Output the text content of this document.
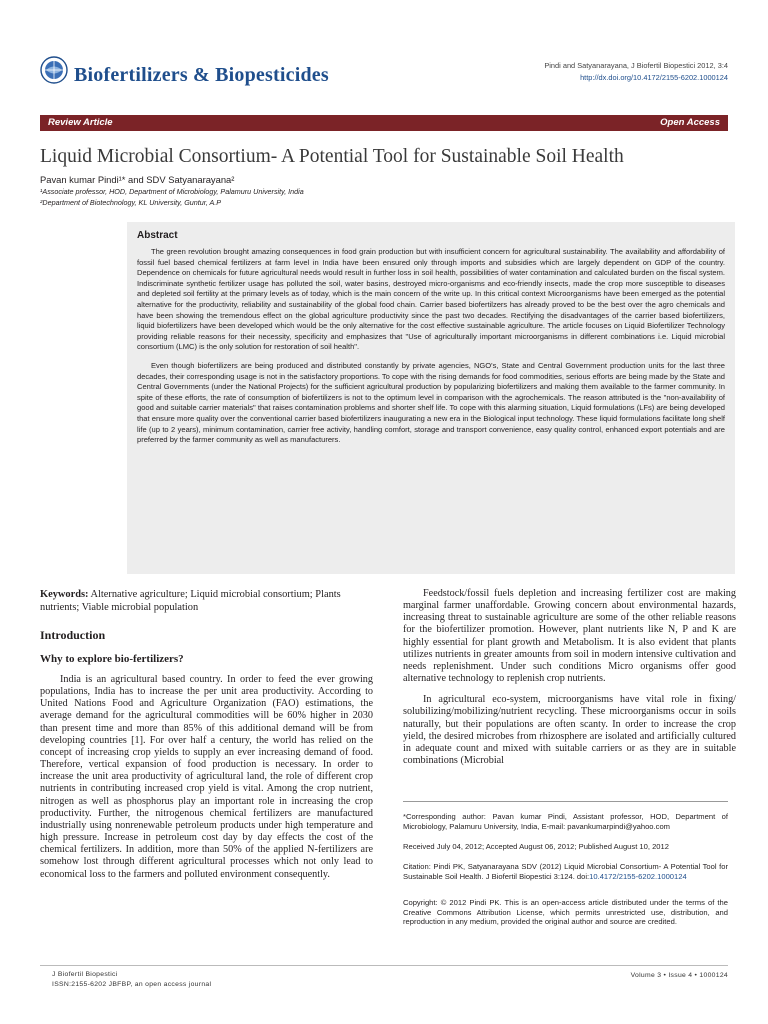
Biofertilizers & Biopesticides	Pindi and Satyanarayana, J Biofertil Biopestici 2012, 3:4
http://dx.doi.org/10.4172/2155-6202.1000124
Review Article	Open Access
Liquid Microbial Consortium- A Potential Tool for Sustainable Soil Health
Pavan kumar Pindi¹* and SDV Satyanarayana²
¹Associate professor, HOD, Department of Microbiology, Palamuru University, India
²Department of Biotechnology, KL University, Guntur, A.P
Abstract

The green revolution brought amazing consequences in food grain production but with insufficient concern for agricultural sustainability. The availability and affordability of fossil fuel based chemical fertilizers at farm level in India have been ensured only through imports and subsidies which are largely dependent on GDP of the country. Dependence on chemicals for future agricultural needs would result in further loss in soil health, possibilities of water contamination and calculated burden on the fiscal system. Indiscriminate synthetic fertilizer usage has polluted the soil, water basins, destroyed micro-organisms and eco-friendly insects, made the crop more susceptible to diseases and depleted soil fertility at the primary levels as of today, which is the main concern of the write up. In this critical context Microorganisms have been emerged as the potential alternative for the productivity, reliability and sustainability of the global food chain. Carrier based biofertilzers has already proved to be the best over the agro chemicals and have been showing the tremendous effect on the global agriculture productivity since the past two decades. Rectifying the disadvantages of the carrier based biofertilizers, liquid biofertilizers have been developed which would be the only alternative for the cost effective sustainable agriculture. The article focuses on Liquid Biofertilizer Technology providing reliable reasons for their necessity, specificity and emphasizes that "Use of agriculturally important microorganisms in different combinations i.e. Liquid microbial consortium (LMC) is the only solution for restoration of soil health".

Even though biofertilizers are being produced and distributed constantly by private agencies, NGO's, State and Central Government production units for the last three decades, their corresponding usage is not in the satisfactory proportions. To cope with the rising demands for food commodities, serious efforts are being made by the State and Central Governments (under the National Projects) for the sufficient agricultural production by popularizing biofertilizers and making them available to the farmer community. In spite of these efforts, the rate of consumption of biofertilizers is not to the optimum level in comparison with the agrochemicals. The reason attributed is the "non-availability of good and suitable carrier materials" that raises contamination problems and shorter shelf life. To cope with this alarming situation, Liquid formulations (LFs) are being developed that ensure more quality over the conventional carrier based biofertilizers inaugurating a new era in the Biological input technology. These liquid formulations facilitate long shelf life (up to 2 years), minimum contamination, carrier free activity, handling comfort, storage and transport convenience, easy quality control, enhanced export potentials and are preferred by the farmer community as well as manufacturers.

Keywords: Alternative agriculture; Liquid microbial consortium; Plants nutrients; Viable microbial population
Introduction
Why to explore bio-fertilizers?

India is an agricultural based country. In order to feed the ever growing populations, India has to increase the per unit area productivity. According to United Nations Food and Agriculture Organization (FAO) estimations, the average demand for the agricultural commodities will be 60% higher in 2030 than present time and more than 85% of this additional demand will be from developing countries [1]. For over half a century, the world has relied on the concept of increasing crop yields to supply an ever increasing demand of food. Therefore, vertical expansion of food production is necessary. In order to increase the unit area productivity of agricultural land, the role of different crop nutrients in contributing increased crop yield is vital. Among the crop nutrient, nitrogen as well as phosphorus play an important role in increasing the crop productivity. Further, the nitrogenous chemical fertilizers are manufactured industrially using nonrenewable petroleum products under high temperature and high pressure. Increase in petroleum cost day by day effects the cost of the chemical fertilizers. In addition, more than 50% of the applied N-fertilizers are somehow lost through different agricultural processes which not only lead to economical loss to the farmers and polluted environment consequently.

Feedstock/fossil fuels depletion and increasing fertilizer cost are making marginal farmer unaffordable. Growing concern about environmental hazards, increasing threat to sustainable agriculture are some of the other reliable reasons for the biofertilizer promotion. However, plant nutrients like N, P and K are highly essential for plant growth and Metabolism. It is also evident that plants utilizes nutrients in greater amounts from soil in modern intensive cultivation and needs replenishment. Under such conditions Micro organisms offer good alternative technology to replenish crop nutrients.

In agricultural eco-system, microorganisms have vital role in fixing/ solubilizing/mobilizing/nutrient recycling. These microorganisms occur in soils naturally, but their populations are often scanty. In order to increase the crop yield, the desired microbes from rhizosphere are isolated and artificially cultured in adequate count and mixed with suitable carriers or as they are in suitable combinations (Microbial

*Corresponding author: Pavan kumar Pindi, Assistant professor, HOD, Department of Microbiology, Palamuru University, India, E-mail: pavankumarpindi@yahoo.com

Received July 04, 2012; Accepted August 06, 2012; Published August 10, 2012

Citation: Pindi PK, Satyanarayana SDV (2012) Liquid Microbial Consortium- A Potential Tool for Sustainable Soil Health. J Biofertil Biopestici 3:124. doi:10.4172/2155-6202.1000124

Copyright: © 2012 Pindi PK. This is an open-access article distributed under the terms of the Creative Commons Attribution License, which permits unrestricted use, distribution, and reproduction in any medium, provided the original author and source are credited.

J Biofertil Biopestici
ISSN:2155-6202 JBFBP, an open access journal
Volume 3 • Issue 4 • 1000124
